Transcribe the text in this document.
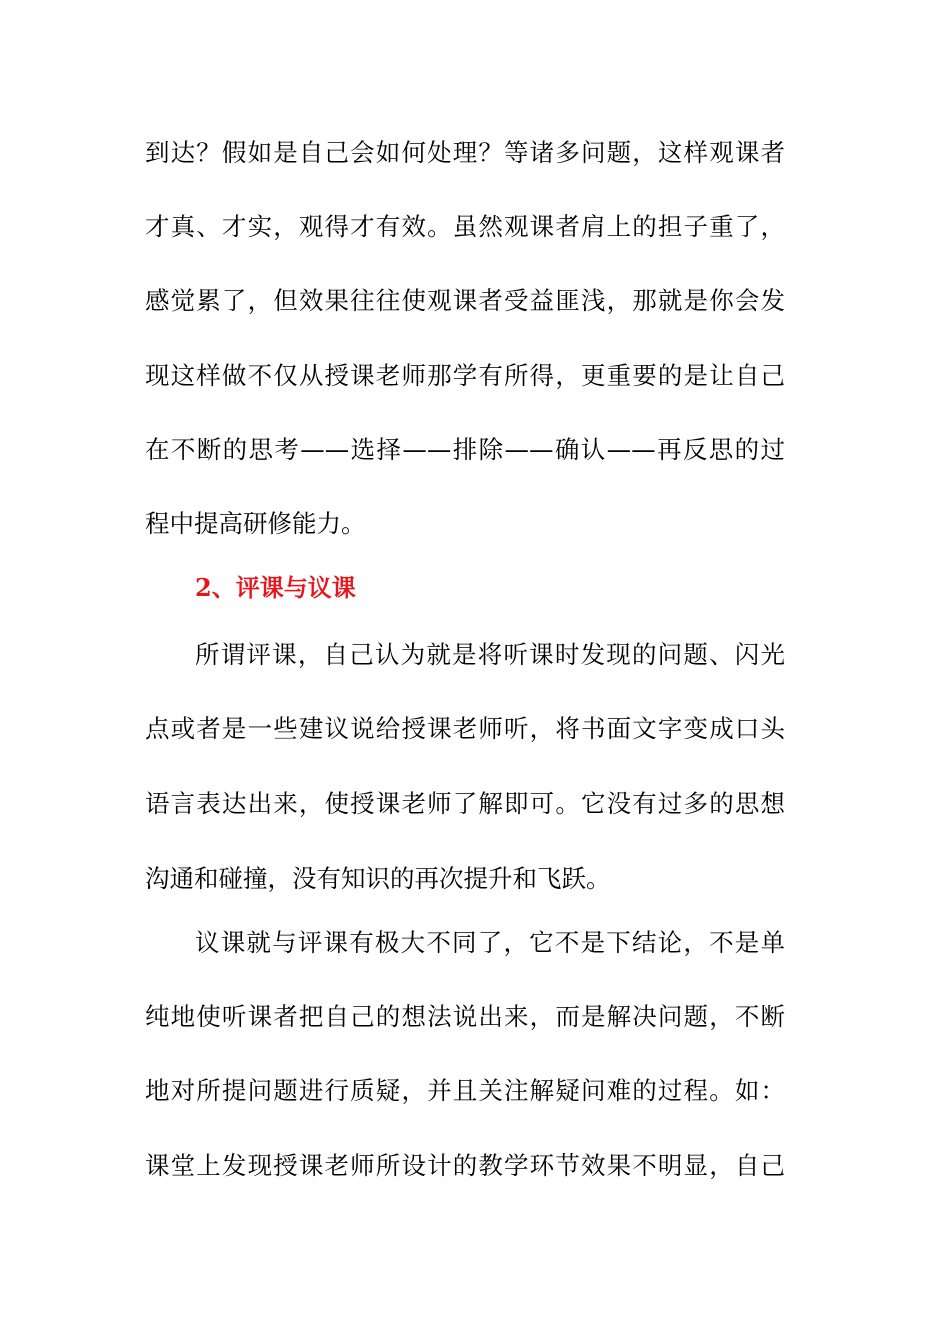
到达？假如是自己会如何处理？等诸多问题，这样观课者
才真、才实，观得才有效。虽然观课者肩上的担子重了，
感觉累了，但效果往往使观课者受益匪浅，那就是你会发
现这样做不仅从授课老师那学有所得，更重要的是让自己
在不断的思考——选择——排除——确认——再反思的过
程中提高研修能力。
2、评课与议课
所谓评课，自己认为就是将听课时发现的问题、闪光
点或者是一些建议说给授课老师听，将书面文字变成口头
语言表达出来，使授课老师了解即可。它没有过多的思想
沟通和碰撞，没有知识的再次提升和飞跃。
议课就与评课有极大不同了，它不是下结论，不是单
纯地使听课者把自己的想法说出来，而是解决问题，不断
地对所提问题进行质疑，并且关注解疑问难的过程。如：
课堂上发现授课老师所设计的教学环节效果不明显，自己
